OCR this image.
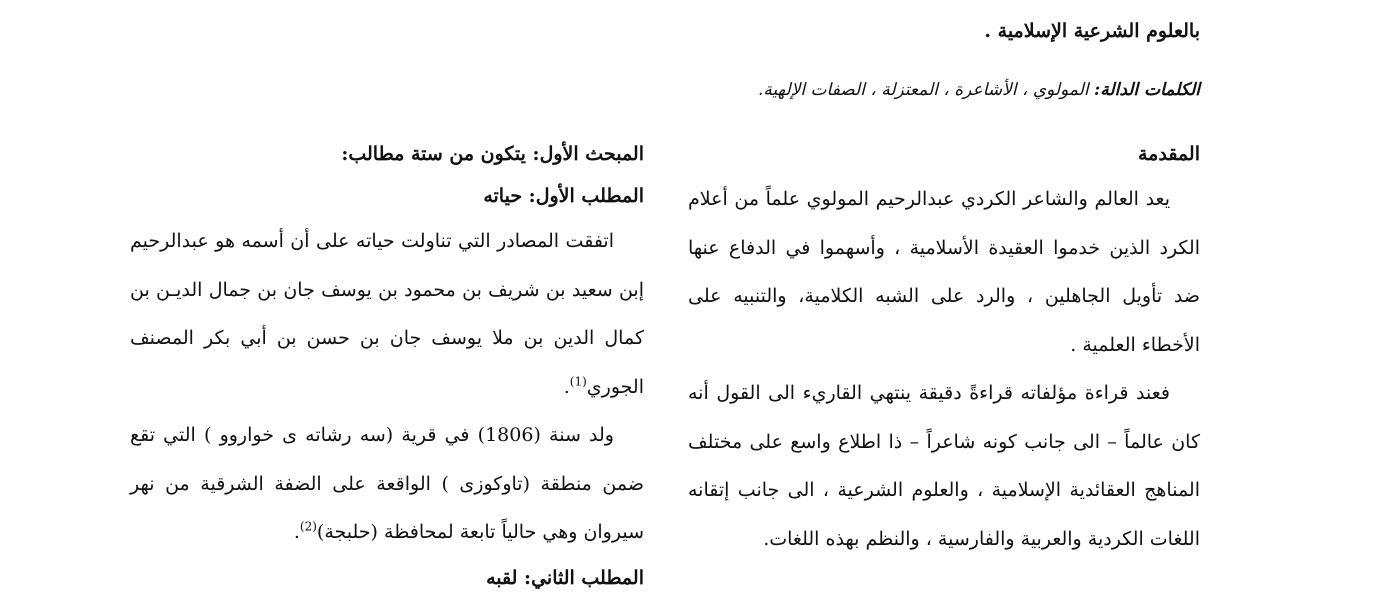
بالعلوم الشرعية الإسلامية .
الكلمات الدالة: المولوي ، الأشاعرة ، المعتزلة ، الصفات الإلهية.
المقدمة

يعد العالم والشاعر الكردي عبدالرحيم المولوي علماً من أعلام الكرد الذين خدموا العقيدة الأسلامية ، وأسهموا في الدفاع عنها ضد تأويل الجاهلين ، والرد على الشبه الكلامية، والتنبيه على الأخطاء العلمية .

فعند قراءة مؤلفاته قراءةً دقيقة ينتهي القاريء الى القول أنه كان عالماً – الى جانب كونه شاعراً – ذا اطلاع واسع على مختلف المناهج العقائدية الإسلامية ، والعلوم الشرعية ، الى جانب إتقانه اللغات الكردية والعربية والفارسية ، والنظم بهذه اللغات.

المبحث الأول: يتكون من ستة مطالب:
المطلب الأول: حياته

اتفقت المصادر التي تناولت حياته على أن أسمه هو عبدالرحيم إبن سعيد بن شريف بن محمود بن يوسف جان بن جمال الديـن بن كمال الدين بن ملا يوسف جان بن حسن بن أبي بكر المصنف الجوري$^{(1)}$.

ولد سنة (1806) في قرية (سه رشاته ى خواروو ) التي تقع ضمن منطقة (تاوكوزى ) الواقعة على الضفة الشرقية من نهر سيروان وهي حالياً تابعة لمحافظة (حلبجة)$^{(2)}$.

المطلب الثاني: لقبه
